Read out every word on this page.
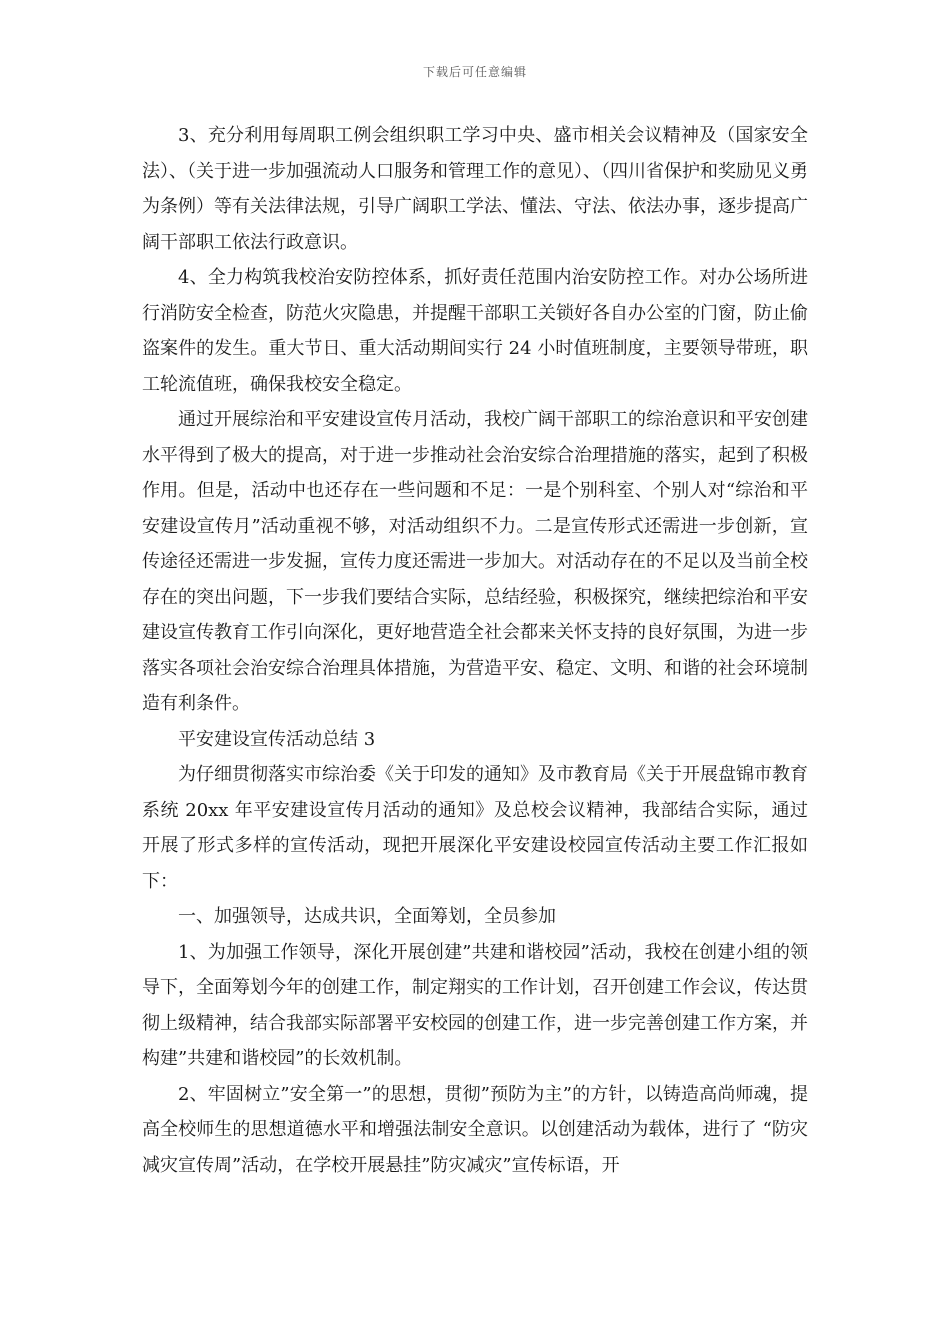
下载后可任意编辑

3、充分利用每周职工例会组织职工学习中央、盛市相关会议精神及（国家安全法）、（关于进一步加强流动人口服务和管理工作的意见）、（四川省保护和奖励见义勇为条例）等有关法律法规，引导广阔职工学法、懂法、守法、依法办事，逐步提高广阔干部职工依法行政意识。

4、全力构筑我校治安防控体系，抓好责任范围内治安防控工作。对办公场所进行消防安全检查，防范火灾隐患，并提醒干部职工关锁好各自办公室的门窗，防止偷盗案件的发生。重大节日、重大活动期间实行 24 小时值班制度，主要领导带班，职工轮流值班，确保我校安全稳定。

通过开展综治和平安建设宣传月活动，我校广阔干部职工的综治意识和平安创建水平得到了极大的提高，对于进一步推动社会治安综合治理措施的落实，起到了积极作用。但是，活动中也还存在一些问题和不足：一是个别科室、个别人对“综治和平安建设宣传月”活动重视不够，对活动组织不力。二是宣传形式还需进一步创新，宣传途径还需进一步发掘，宣传力度还需进一步加大。对活动存在的不足以及当前全校存在的突出问题，下一步我们要结合实际，总结经验，积极探究，继续把综治和平安建设宣传教育工作引向深化，更好地营造全社会都来关怀支持的良好氛围，为进一步落实各项社会治安综合治理具体措施，为营造平安、稳定、文明、和谐的社会环境制造有利条件。

平安建设宣传活动总结 3

为仔细贯彻落实市综治委《关于印发的通知》及市教育局《关于开展盘锦市教育系统 20xx 年平安建设宣传月活动的通知》及总校会议精神，我部结合实际，通过开展了形式多样的宣传活动，现把开展深化平安建设校园宣传活动主要工作汇报如下：

一、加强领导，达成共识，全面筹划，全员参加

1、为加强工作领导，深化开展创建”共建和谐校园”活动，我校在创建小组的领导下，全面筹划今年的创建工作，制定翔实的工作计划，召开创建工作会议，传达贯彻上级精神，结合我部实际部署平安校园的创建工作，进一步完善创建工作方案，并构建”共建和谐校园”的长效机制。

2、牢固树立”安全第一”的思想，贯彻”预防为主”的方针，以铸造高尚师魂，提高全校师生的思想道德水平和增强法制安全意识。以创建活动为载体，进行了 “防灾减灾宣传周”活动，在学校开展悬挂”防灾减灾”宣传标语，开
